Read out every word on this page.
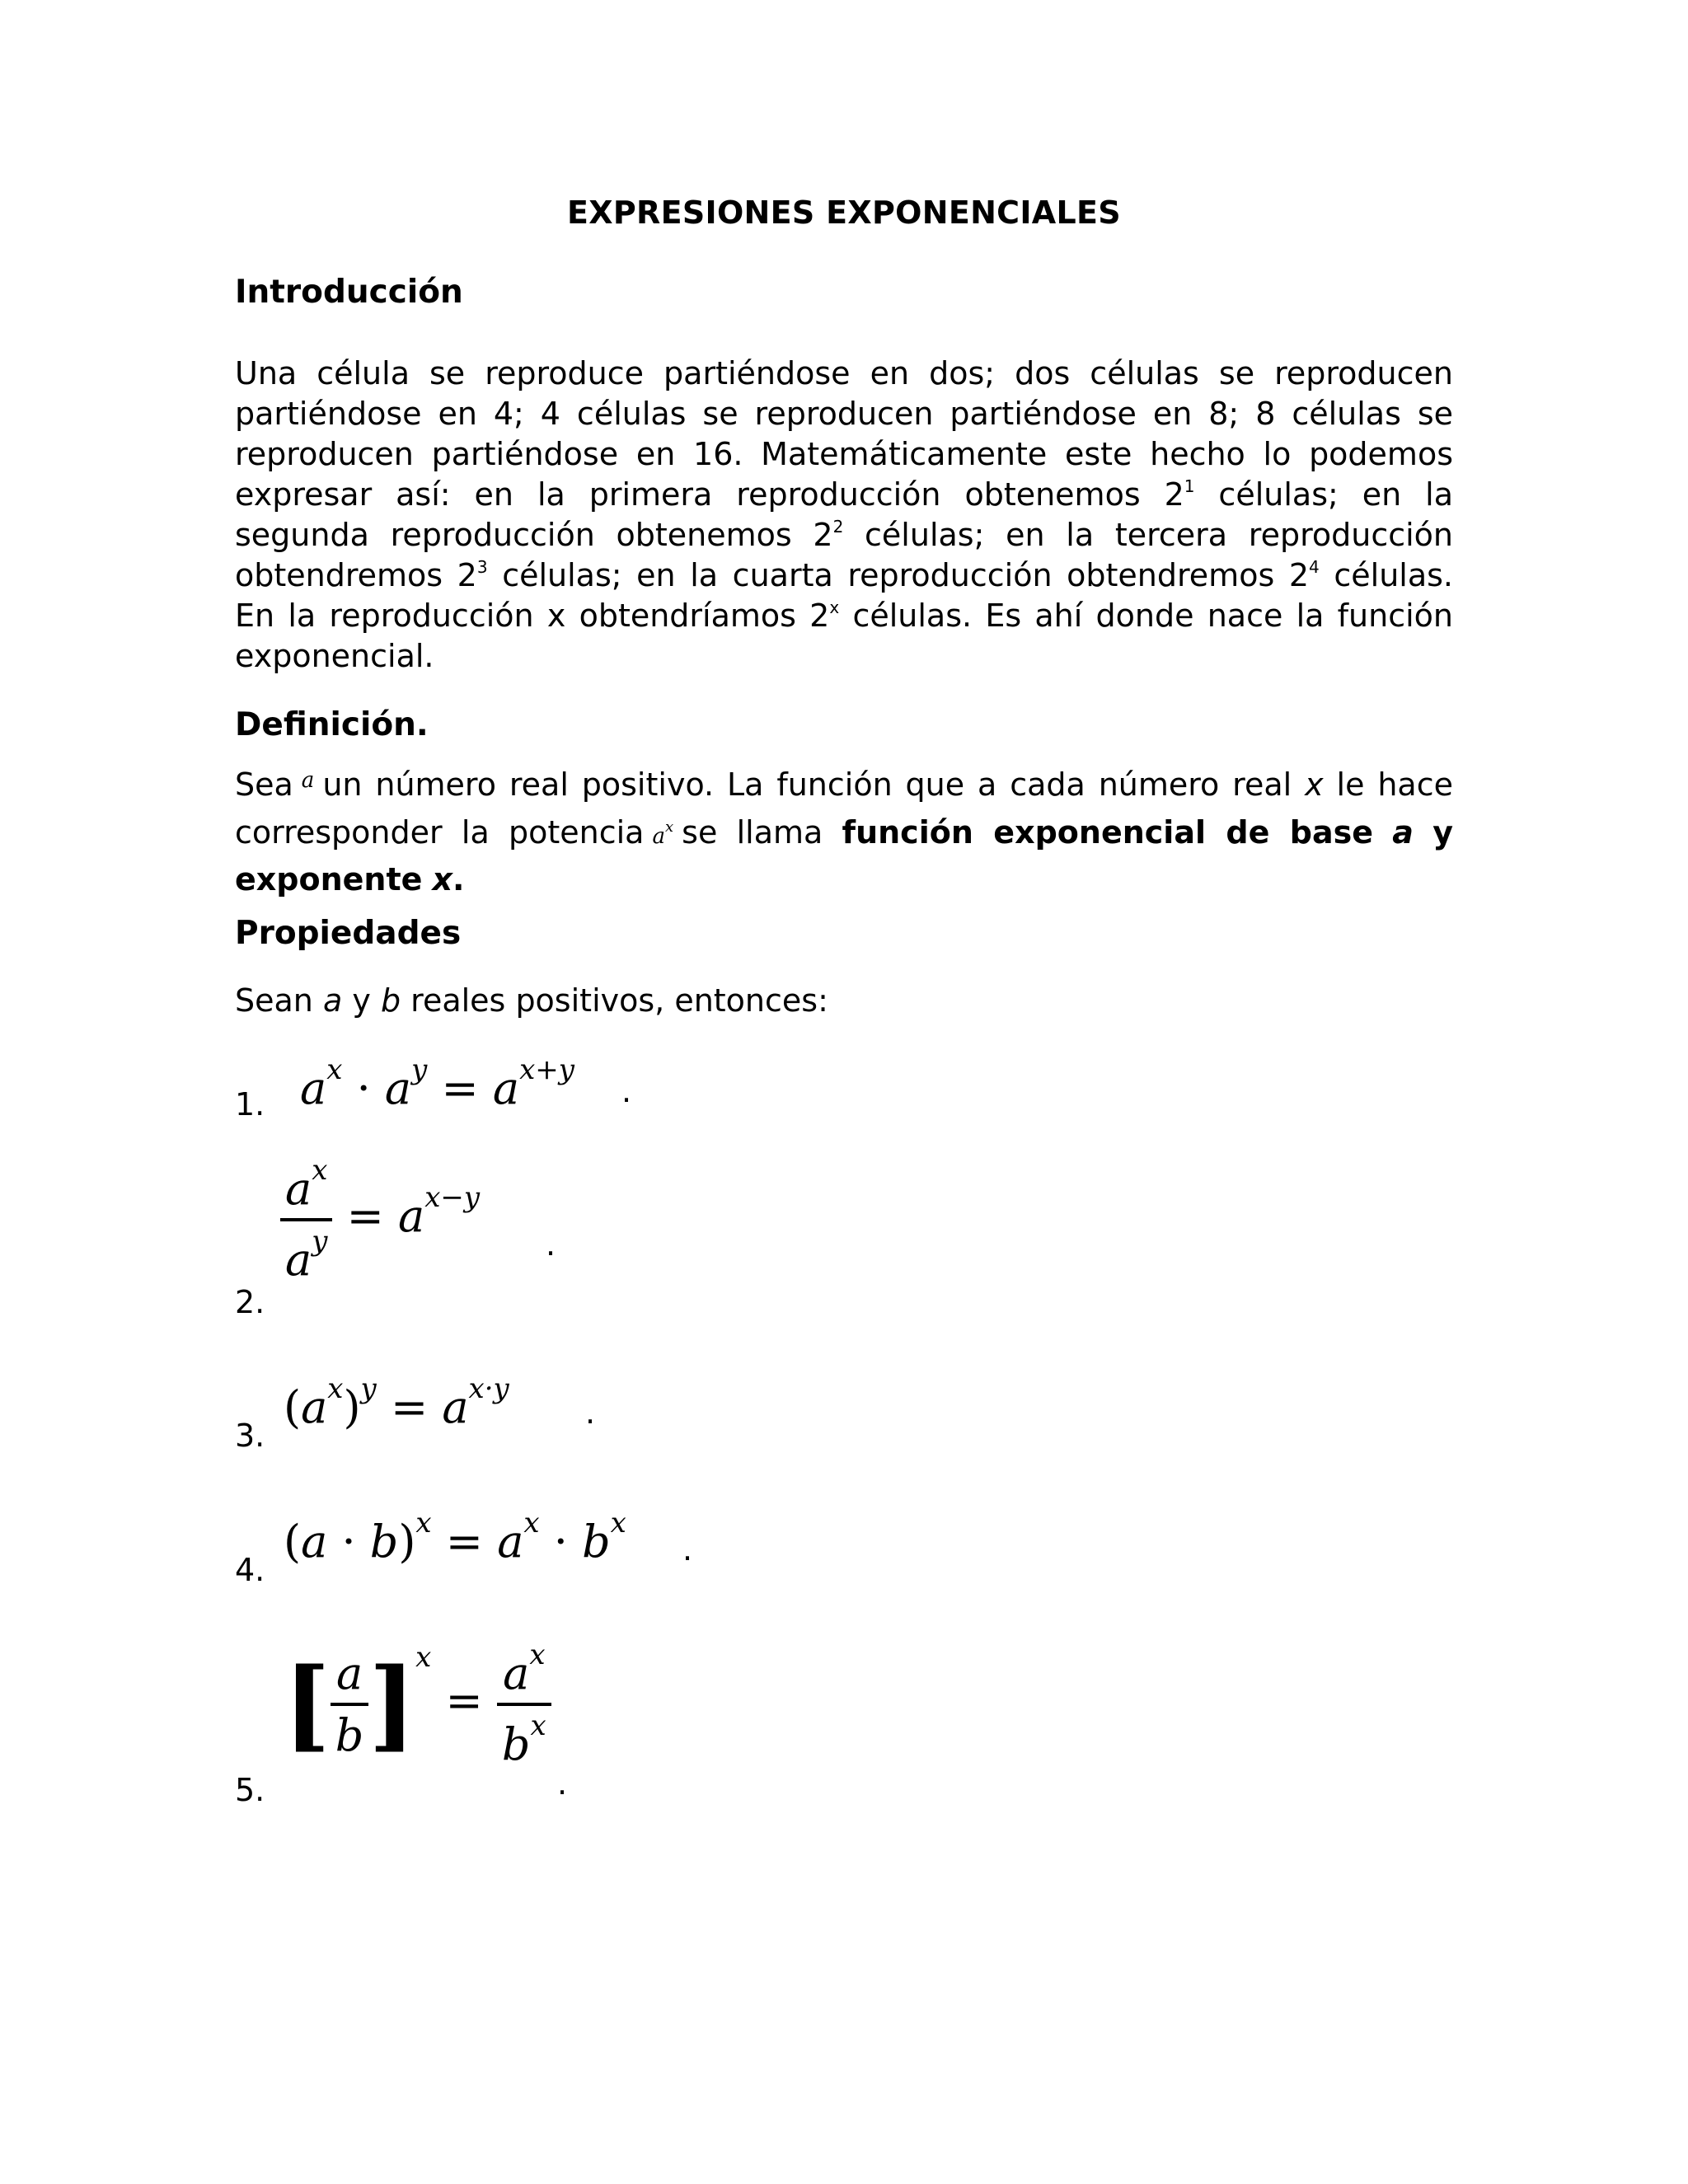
EXPRESIONES EXPONENCIALES
Introducción
Una célula se reproduce partiéndose en dos; dos células se reproducen partiéndose en 4; 4 células se reproducen partiéndose en 8; 8 células se reproducen partiéndose en 16. Matemáticamente este hecho lo podemos expresar así: en la primera reproducción obtenemos $2^1$ células; en la segunda reproducción obtenemos $2^2$ células; en la tercera reproducción obtendremos $2^3$ células; en la cuarta reproducción obtendremos $2^4$ células. En la reproducción x obtendríamos 2$^x$ células. Es ahí donde nace la función exponencial.
Definición.
Sea $^a$ un número real positivo. La función que a cada número real x le hace corresponder la potencia $a^x$ se llama función exponencial de base a y exponente x.
Propiedades
Sean a y b reales positivos, entonces:
1. $a^x \cdot a^y = a^{x+y}$
.
2.
$\frac{a^x}{a^y} = a^{x-y}$
.
3.
$(a^x)^y = a^{x\cdot y}$
.
4.
$(a \cdot b)^x = a^x \cdot b^x$
.
5.
[ $\frac{a}{b} ]^x = \frac{a^x}{b^x}$
.
